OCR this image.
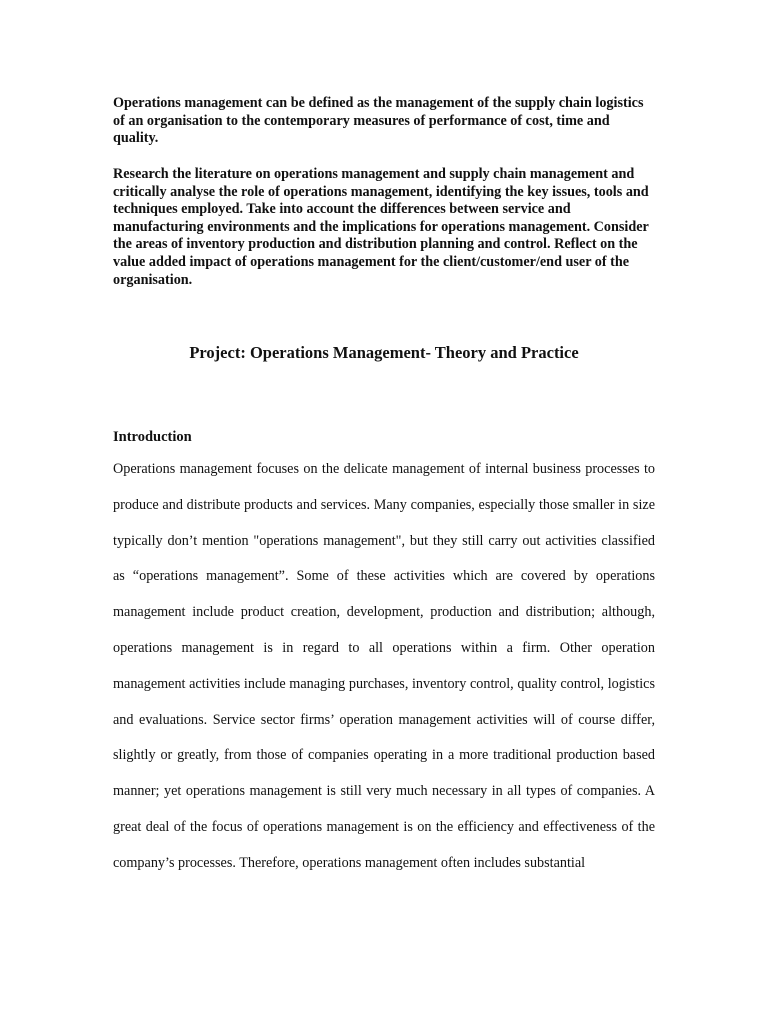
Operations management can be defined as the management of the supply chain logistics of an organisation to the contemporary measures of performance of cost, time and quality.

Research the literature on operations management and supply chain management and critically analyse the role of operations management, identifying the key issues, tools and techniques employed. Take into account the differences between service and manufacturing environments and the implications for operations management. Consider the areas of inventory production and distribution planning and control. Reflect on the value added impact of operations management for the client/customer/end user of the organisation.

Project: Operations Management- Theory and Practice
Introduction

Operations management focuses on the delicate management of internal business processes to produce and distribute products and services. Many companies, especially those smaller in size typically don’t mention "operations management", but they still carry out activities classified as “operations management”. Some of these activities which are covered by operations management include product creation, development, production and distribution; although, operations management is in regard to all operations within a firm. Other operation management activities include managing purchases, inventory control, quality control, logistics and evaluations. Service sector firms’ operation management activities will of course differ, slightly or greatly, from those of companies operating in a more traditional production based manner; yet operations management is still very much necessary in all types of companies. A great deal of the focus of operations management is on the efficiency and effectiveness of the company’s processes. Therefore, operations management often includes substantial
